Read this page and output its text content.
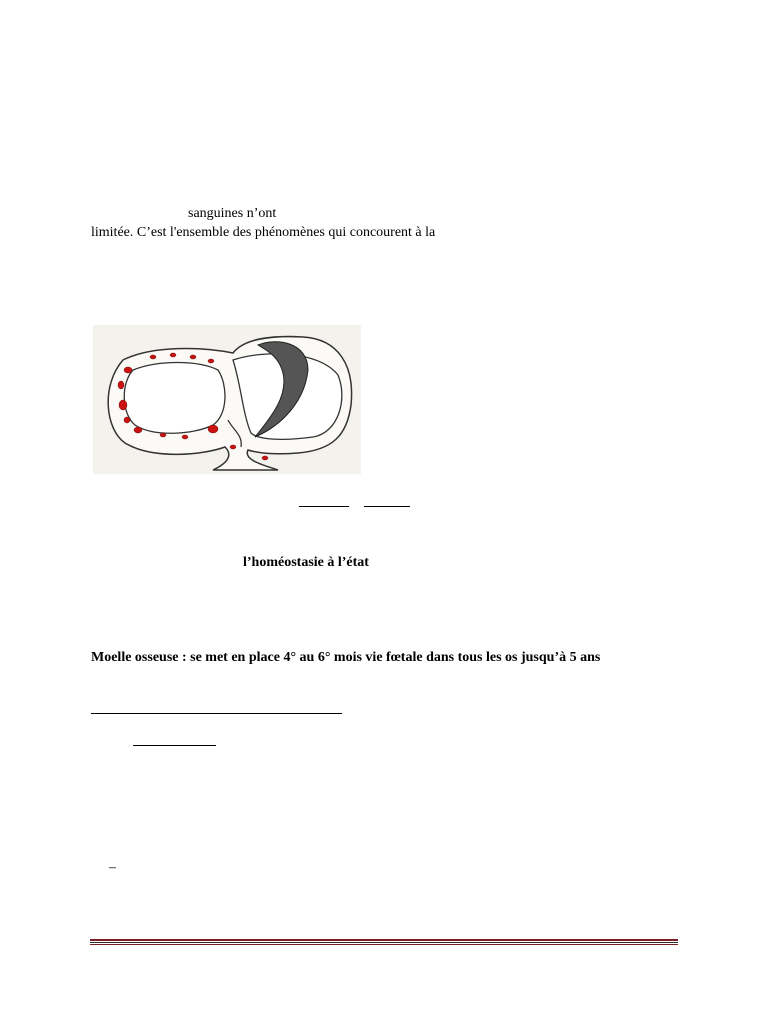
sanguines n’ont
limitée. C’est l'ensemble des phénomènes qui concourent à la
l’homéostasie à l’état
Moelle osseuse : se met en place 4° au 6° mois vie fœtale dans tous les os jusqu’à 5 ans
–
